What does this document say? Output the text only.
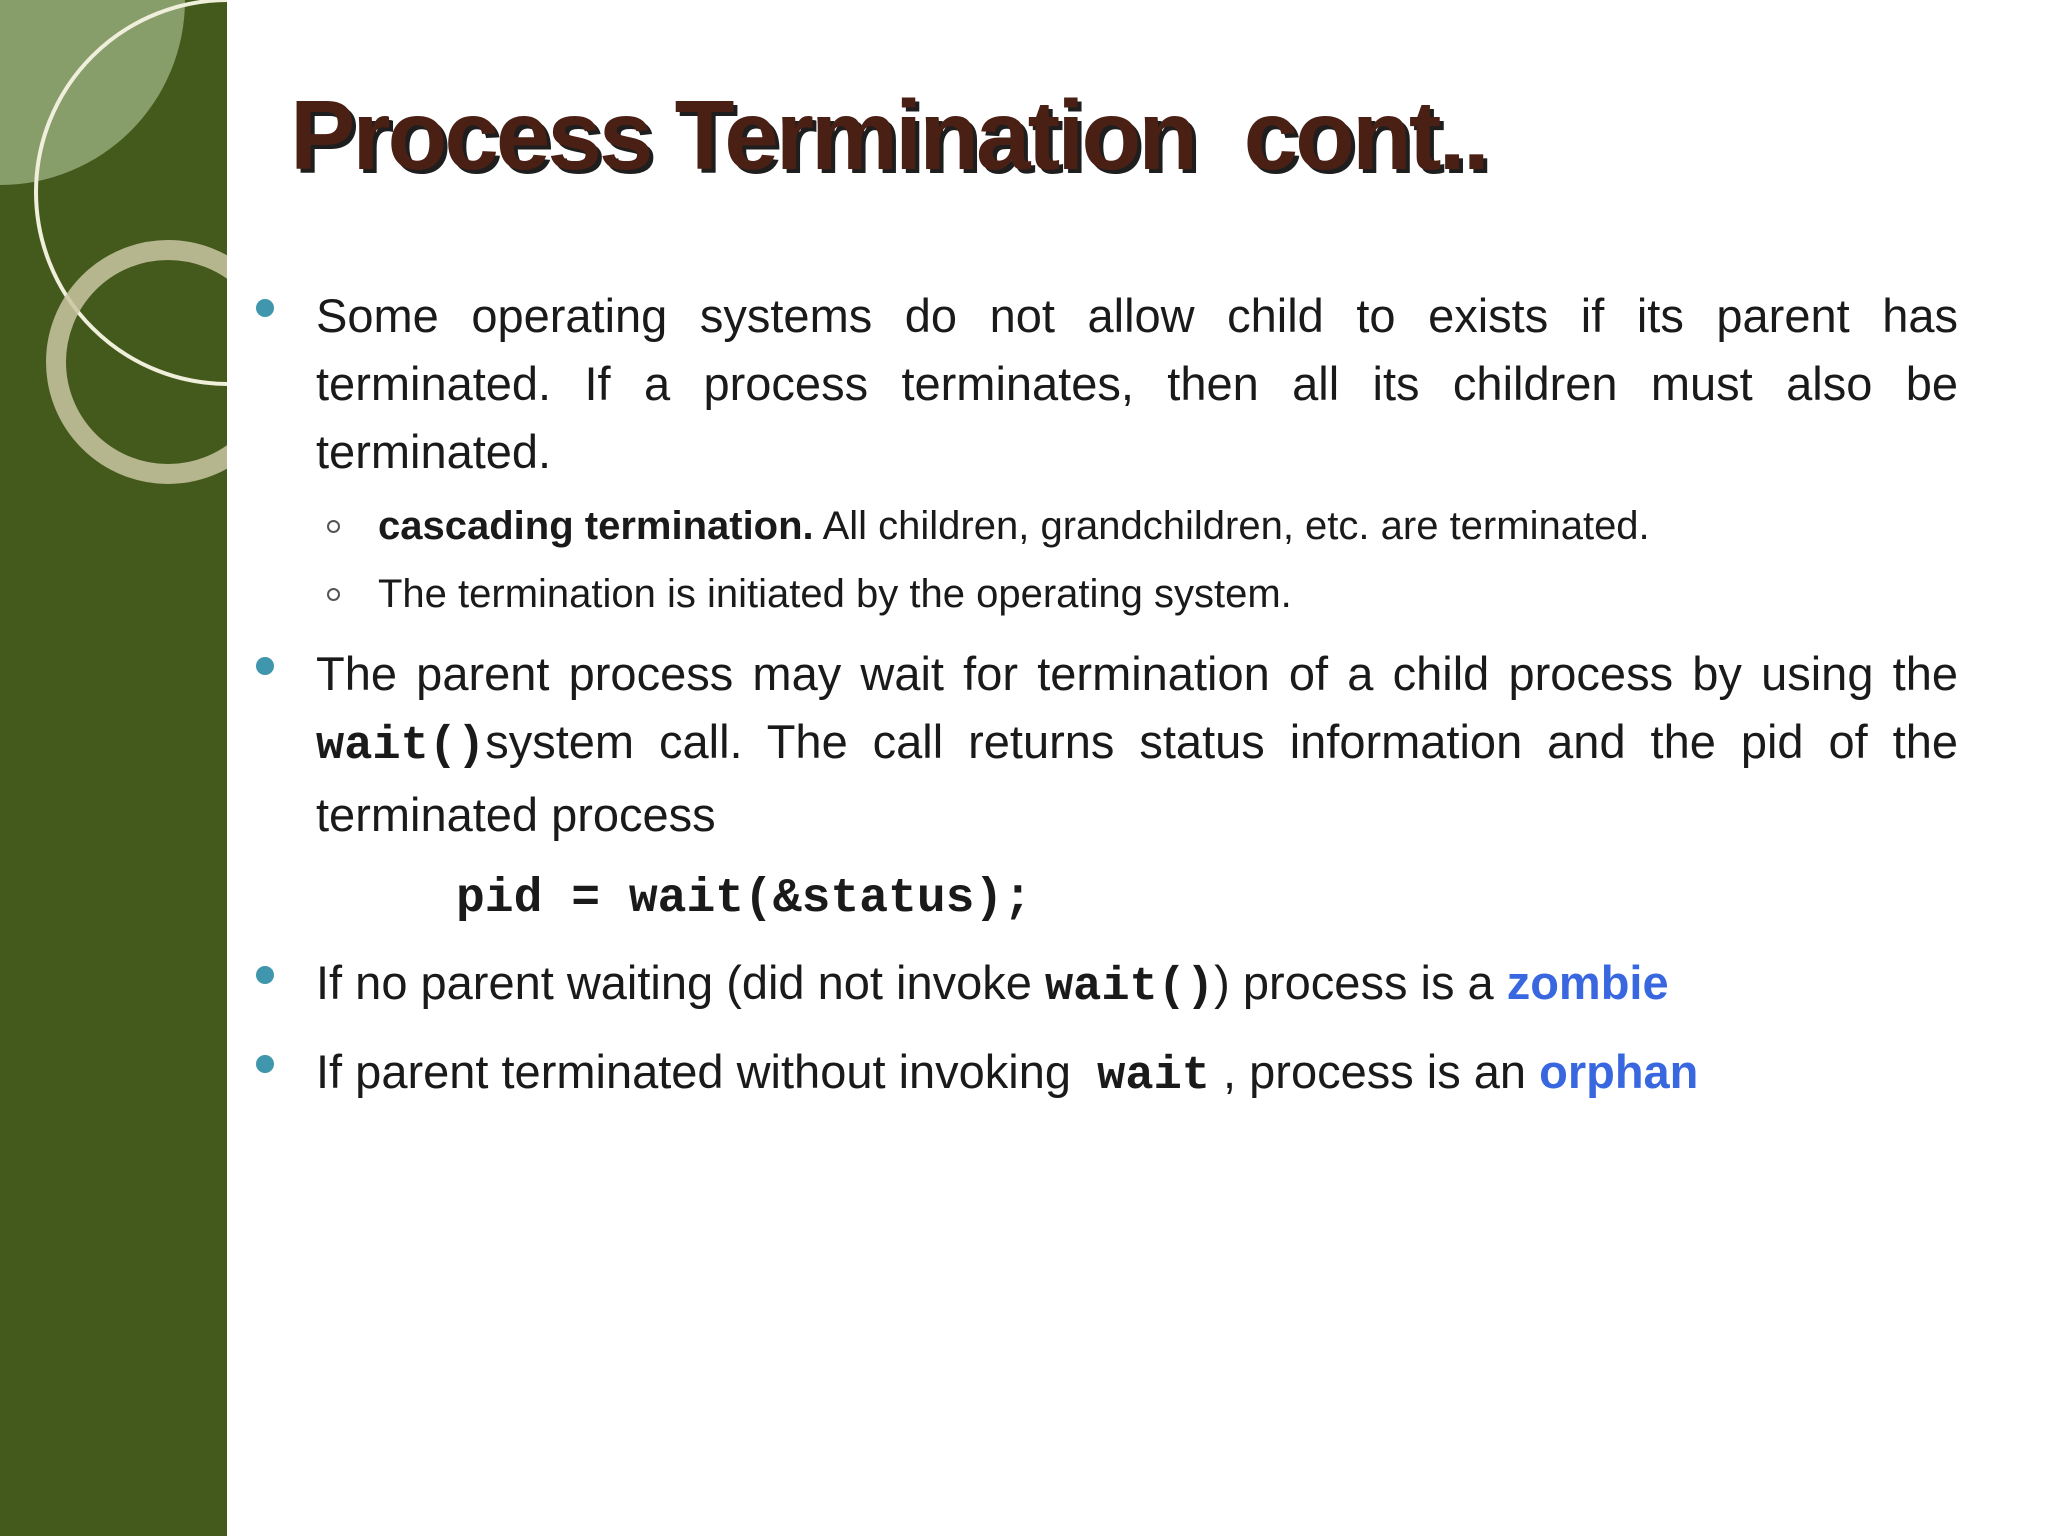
Process Termination  cont..
Some operating systems do not allow child to exists if its parent has terminated. If a process terminates, then all its children must also be terminated.
cascading termination. All children, grandchildren, etc. are terminated.
The termination is initiated by the operating system.
The parent process may wait for termination of a child process by using the wait()system call. The call returns status information and the pid of the terminated process
pid = wait(&status);
If no parent waiting (did not invoke wait()) process is a zombie
If parent terminated without invoking  wait , process is an orphan
